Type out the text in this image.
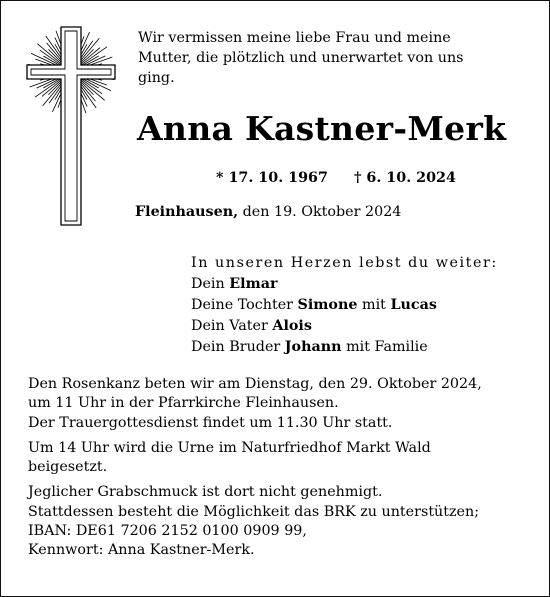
Wir vermissen meine liebe Frau und meine
Mutter, die plötzlich und unerwartet von uns
ging.
Anna Kastner-Merk
* 17. 10. 1967 † 6. 10. 2024
Fleinhausen, den 19. Oktober 2024
In unseren Herzen lebst du weiter:
Dein Elmar
Deine Tochter Simone mit Lucas
Dein Vater Alois
Dein Bruder Johann mit Familie

Den Rosenkanz beten wir am Dienstag, den 29. Oktober 2024,
um 11 Uhr in der Pfarrkirche Fleinhausen.
Der Trauergottesdienst findet um 11.30 Uhr statt.

Um 14 Uhr wird die Urne im Naturfriedhof Markt Wald
beigesetzt.

Jeglicher Grabschmuck ist dort nicht genehmigt.
Stattdessen besteht die Möglichkeit das BRK zu unterstützen;
IBAN: DE61 7206 2152 0100 0909 99,
Kennwort: Anna Kastner-Merk.
